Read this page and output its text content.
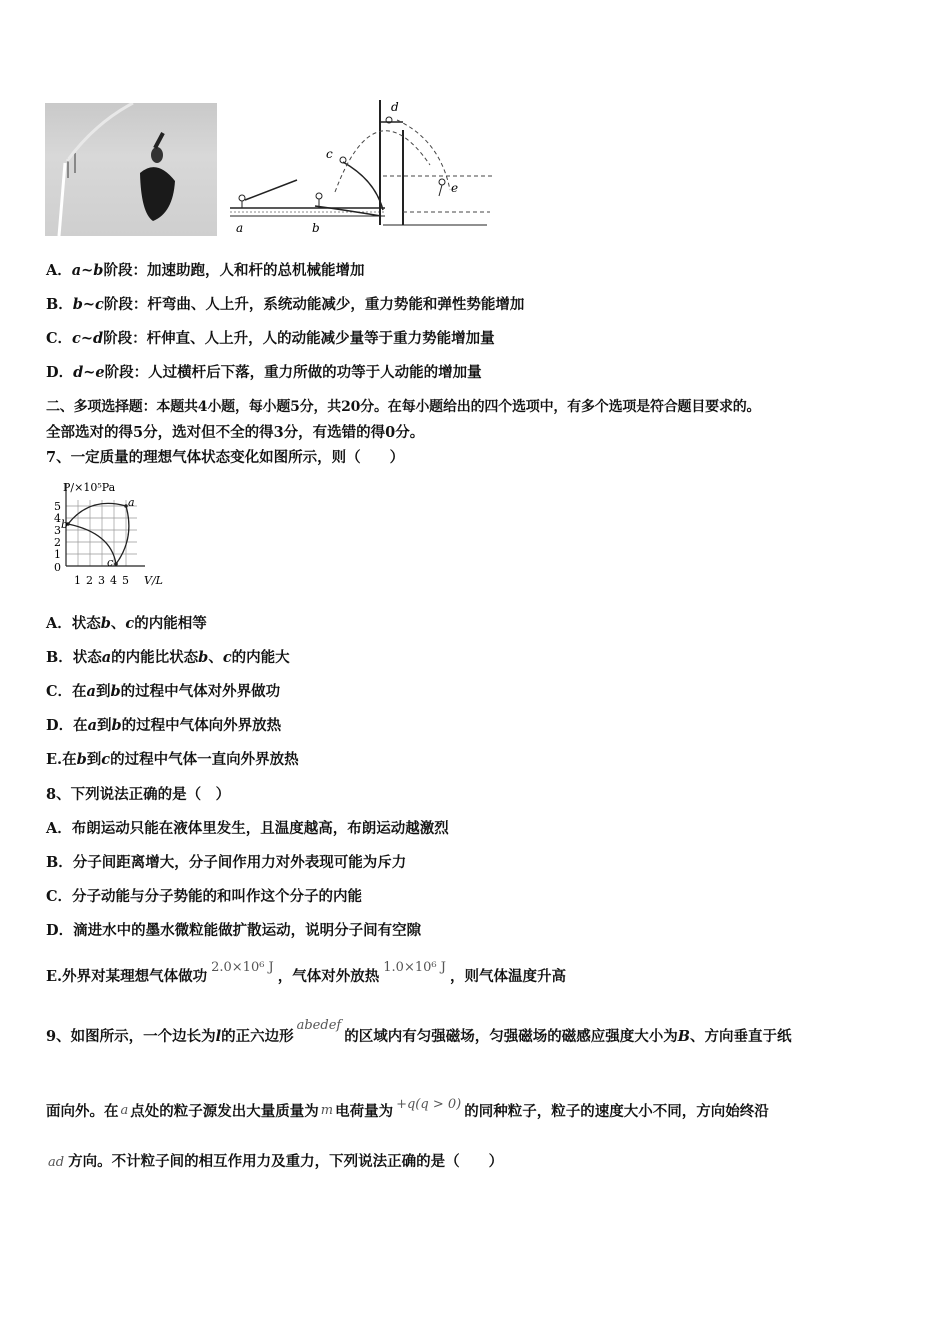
a	b
c
d
e
A．a~b阶段：加速助跑，人和杆的总机械能增加
B．b~c阶段：杆弯曲、人上升，系统动能减少，重力势能和弹性势能增加
C．c~d阶段：杆伸直、人上升，人的动能减少量等于重力势能增加量
D．d~e阶段：人过横杆后下落，重力所做的功等于人动能的增加量
二、多项选择题：本题共4小题，每小题5分，共20分。在每小题给出的四个选项中，有多个选项是符合题目要求的。
全部选对的得5分，选对但不全的得3分，有选错的得0分。
7、一定质量的理想气体状态变化如图所示，则（　　）
P/×10⁵Pa
5
4
3
2
1
0
1 2 3 4 5 V/L
a
b
c
A．状态b、c的内能相等
B．状态a的内能比状态b、c的内能大
C．在a到b的过程中气体对外界做功
D．在a到b的过程中气体向外界放热
E.在b到c的过程中气体一直向外界放热
8、下列说法正确的是（　）
A．布朗运动只能在液体里发生，且温度越高，布朗运动越激烈
B．分子间距离增大，分子间作用力对外表现可能为斥力
C．分子动能与分子势能的和叫作这个分子的内能
D．滴进水中的墨水微粒能做扩散运动，说明分子间有空隙
E.外界对某理想气体做功2.0×10⁶ J，气体对外放热1.0×10⁶ J，则气体温度升高
9、如图所示，一个边长为l的正六边形abedef的区域内有匀强磁场，匀强磁场的磁感应强度大小为B、方向垂直于纸
面向外。在 a 点处的粒子源发出大量质量为 m 电荷量为 +q(q > 0) 的同种粒子，粒子的速度大小不同，方向始终沿
ad 方向。不计粒子间的相互作用力及重力，下列说法正确的是（　　）
